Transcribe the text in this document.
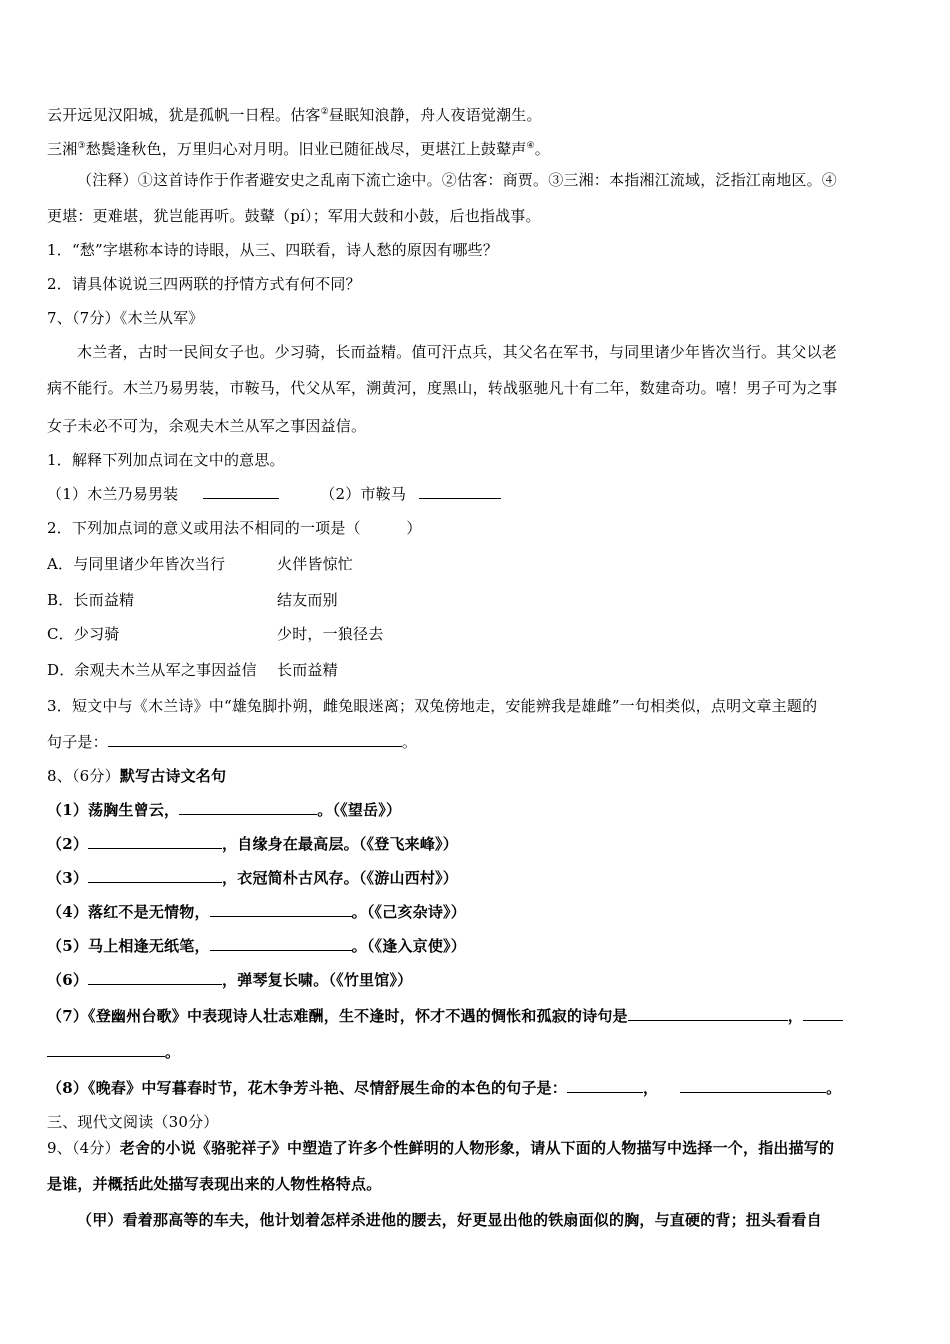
云开远见汉阳城，犹是孤帆一日程。估客②昼眠知浪静，舟人夜语觉潮生。
三湘③愁鬓逢秋色，万里归心对月明。旧业已随征战尽，更堪江上鼓鼙声④。
（注释）①这首诗作于作者避安史之乱南下流亡途中。②估客：商贾。③三湘：本指湘江流域，泛指江南地区。④
更堪：更难堪，犹岂能再听。鼓鼙（pí）；军用大鼓和小鼓，后也指战事。
1．“愁”字堪称本诗的诗眼，从三、四联看，诗人愁的原因有哪些？
2．请具体说说三四两联的抒情方式有何不同？
7、（7分）《木兰从军》
木兰者，古时一民间女子也。少习骑，长而益精。值可汗点兵，其父名在军书，与同里诸少年皆次当行。其父以老
病不能行。木兰乃易男装，市鞍马，代父从军，溯黄河，度黑山，转战驱驰凡十有二年，数建奇功。嘻！男子可为之事
女子未必不可为，余观夫木兰从军之事因益信。
1．解释下列加点词在文中的意思。
（1）木兰乃易男装	（2）市鞍马
2．下列加点词的意义或用法不相同的一项是（　　　）
A．与同里诸少年皆次当行	火伴皆惊忙
B．长而益精	结友而别
C．少习骑	少时，一狼径去
D．余观夫木兰从军之事因益信 长而益精
3．短文中与《木兰诗》中“雄兔脚扑朔，雌兔眼迷离；双兔傍地走，安能辨我是雄雌”一句相类似，点明文章主题的
句子是：	。
8、（6分）默写古诗文名句
（1）荡胸生曾云，	。（《望岳》）
（2）	，自缘身在最高层。（《登飞来峰》）
（3）	，衣冠简朴古风存。（《游山西村》）
（4）落红不是无情物，	。（《己亥杂诗》）
（5）马上相逢无纸笔，	。（《逢入京使》）
（6）	，弹琴复长啸。（《竹里馆》）
（7）《登幽州台歌》中表现诗人壮志难酬，生不逢时，怀才不遇的惆怅和孤寂的诗句是	，
。
（8）《晚春》中写暮春时节，花木争芳斗艳、尽情舒展生命的本色的句子是：	，	。
三、现代文阅读（30分）
9、（4分）老舍的小说《骆驼祥子》中塑造了许多个性鲜明的人物形象，请从下面的人物描写中选择一个，指出描写的
是谁，并概括此处描写表现出来的人物性格特点。
（甲）看着那高等的车夫，他计划着怎样杀进他的腰去，好更显出他的铁扇面似的胸，与直硬的背；扭头看看自
